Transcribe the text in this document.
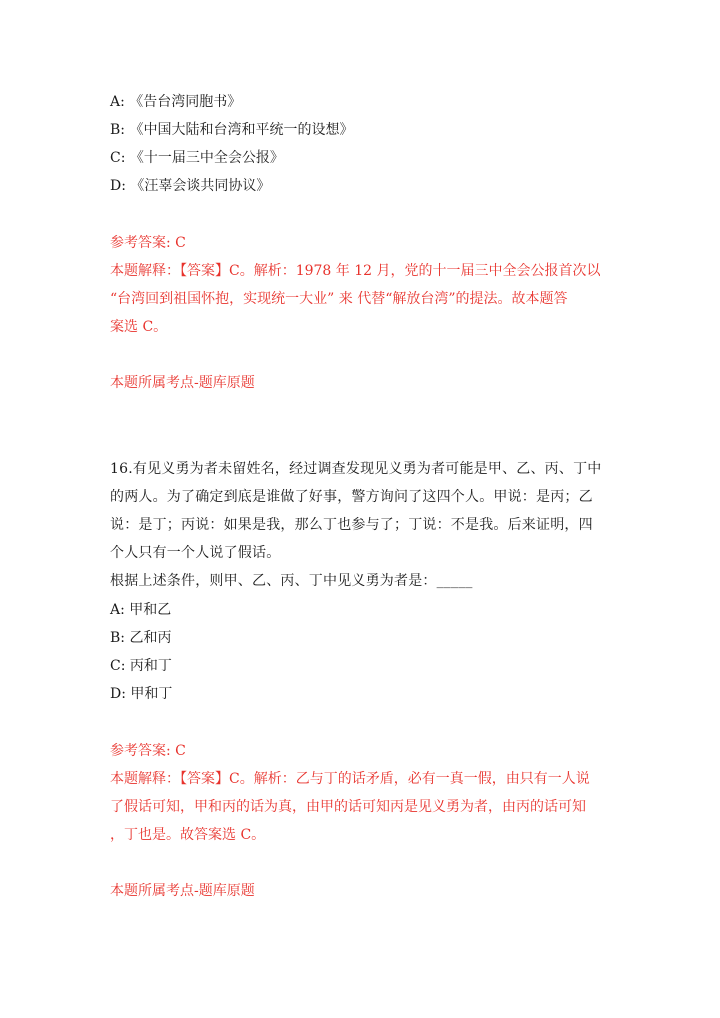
A: 《告台湾同胞书》
B: 《中国大陆和台湾和平统一的设想》
C: 《十一届三中全会公报》
D: 《汪辜会谈共同协议》
参考答案: C
本题解释：【答案】C。解析：1978 年 12 月，党的十一届三中全会公报首次以
“台湾回到祖国怀抱，实现统一大业” 来 代替“解放台湾”的提法。故本题答
案选 C。
本题所属考点-题库原题
16.有见义勇为者未留姓名，经过调查发现见义勇为者可能是甲、乙、丙、丁中
的两人。为了确定到底是谁做了好事，警方询问了这四个人。甲说：是丙；乙
说：是丁；丙说：如果是我，那么丁也参与了；丁说：不是我。后来证明，四
个人只有一个人说了假话。
根据上述条件，则甲、乙、丙、丁中见义勇为者是：_____
A: 甲和乙
B: 乙和丙
C: 丙和丁
D: 甲和丁
参考答案: C
本题解释：【答案】C。解析：乙与丁的话矛盾，必有一真一假，由只有一人说
了假话可知，甲和丙的话为真，由甲的话可知丙是见义勇为者，由丙的话可知
，丁也是。故答案选 C。
本题所属考点-题库原题
